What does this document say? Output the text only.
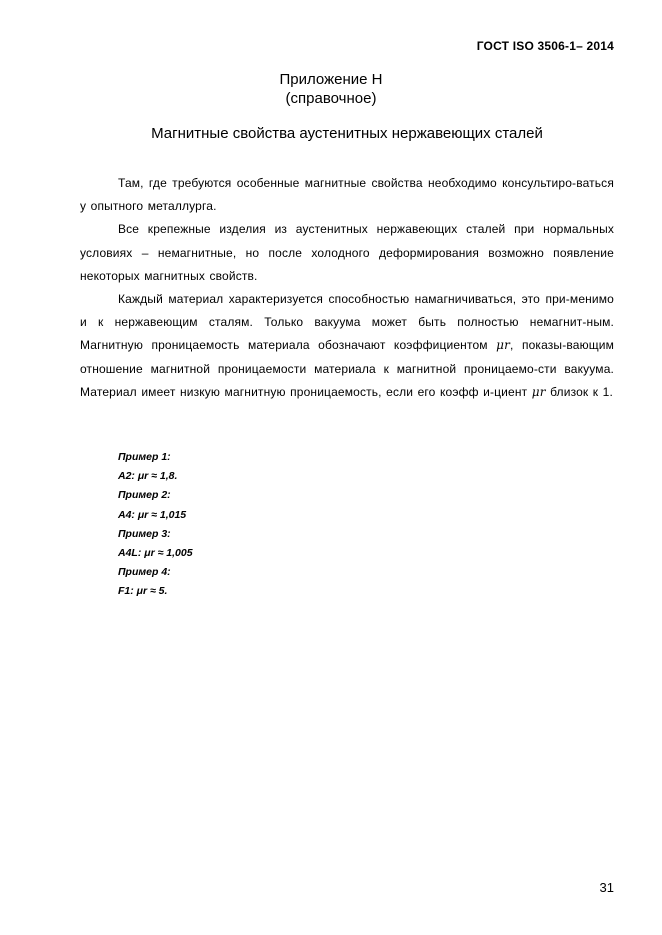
ГОСТ ISO 3506-1– 2014
Приложение Н
(справочное)
Магнитные свойства аустенитных нержавеющих сталей

Там, где требуются особенные магнитные свойства необходимо консультиро-ваться у опытного металлурга.

Все крепежные изделия из аустенитных нержавеющих сталей при нормальных условиях – немагнитные, но после холодного деформирования возможно появление некоторых магнитных свойств.

Каждый материал характеризуется способностью намагничиваться, это при-менимо и к нержавеющим сталям. Только вакуума может быть полностью немагнит-ным. Магнитную проницаемость материала обозначают коэффициентом μr, показы-вающим отношение магнитной проницаемости материала к магнитной проницаемо-сти вакуума. Материал имеет низкую магнитную проницаемость, если его коэфф и-циент μr близок к 1.

Пример 1:
A2: μr ≈ 1,8.
Пример 2:
A4: μr ≈ 1,015
Пример 3:
A4L: μr ≈ 1,005
Пример 4:
F1: μr ≈ 5.
31
